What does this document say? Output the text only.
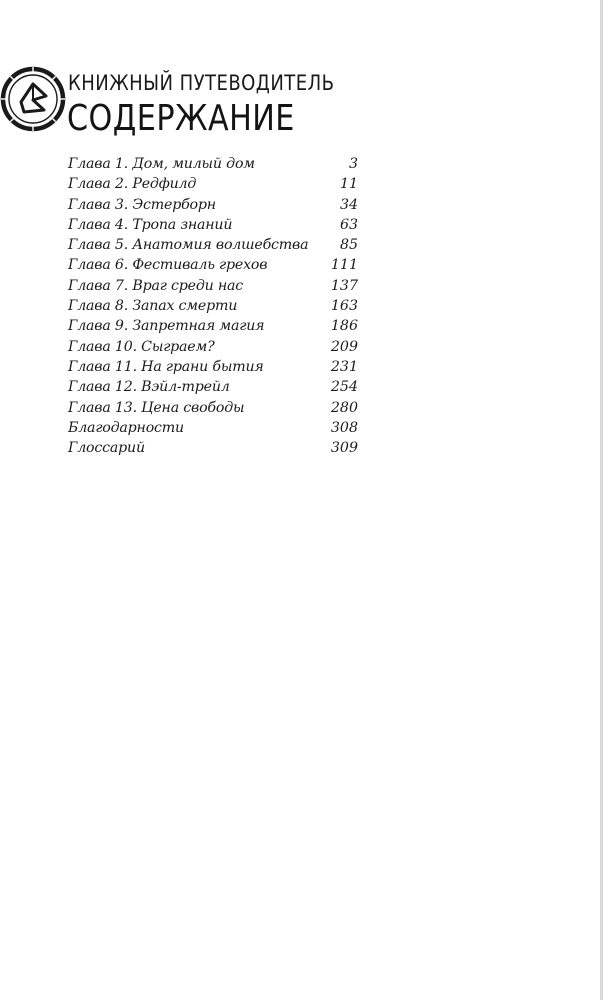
КНИЖНЫЙ ПУТЕВОДИТЕЛЬ
СОДЕРЖАНИЕ
Глава 1. Дом, милый дом	3
Глава 2. Редфилд	11
Глава 3. Эстерборн	34
Глава 4. Тропа знаний	63
Глава 5. Анатомия волшебства	85
Глава 6. Фестиваль грехов	111
Глава 7. Враг среди нас	137
Глава 8. Запах смерти	163
Глава 9. Запретная магия	186
Глава 10. Сыграем?	209
Глава 11. На грани бытия	231
Глава 12. Вэйл-трейл	254
Глава 13. Цена свободы	280
Благодарности	308
Глоссарий	309
